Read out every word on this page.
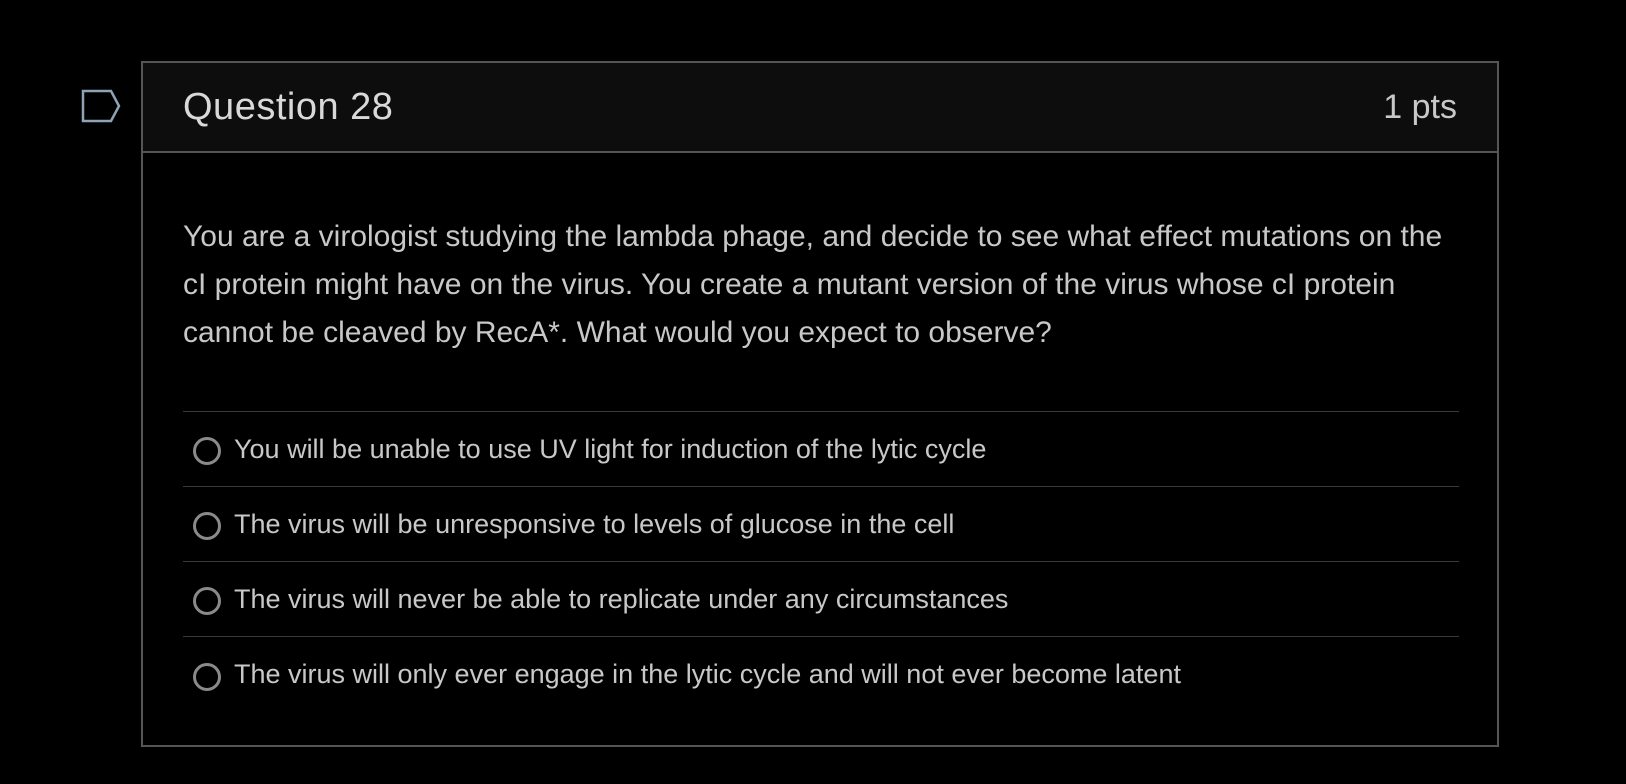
Question 28	1 pts

You are a virologist studying the lambda phage, and decide to see what effect mutations on the cI protein might have on the virus. You create a mutant version of the virus whose cI protein cannot be cleaved by RecA*. What would you expect to observe?

You will be unable to use UV light for induction of the lytic cycle
The virus will be unresponsive to levels of glucose in the cell
The virus will never be able to replicate under any circumstances
The virus will only ever engage in the lytic cycle and will not ever become latent
